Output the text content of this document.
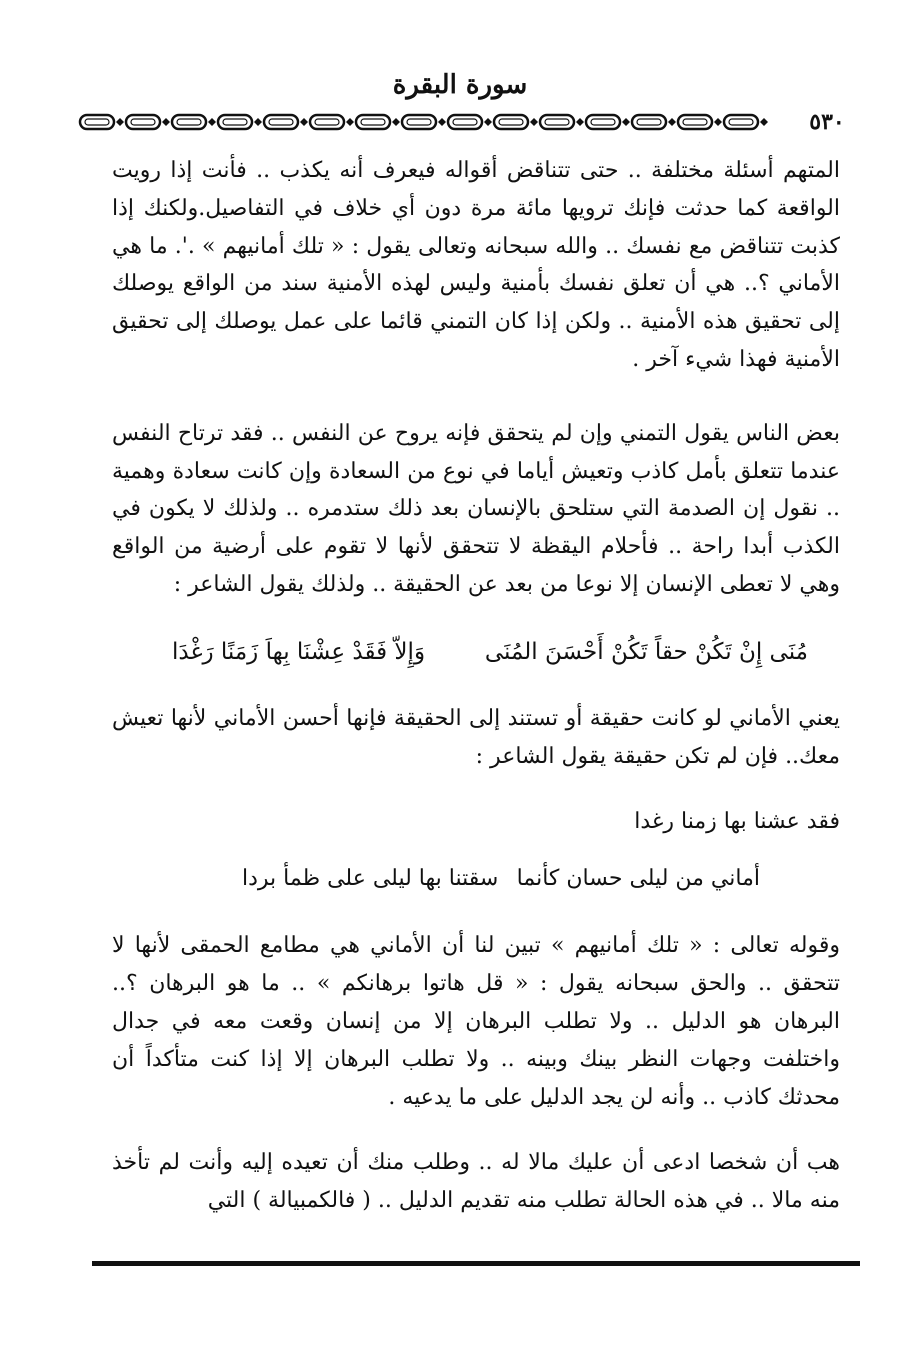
سورة البقرة
٥٣٠

المتهم أسئلة مختلفة .. حتى تتناقض أقواله فيعرف أنه يكذب .. فأنت إذا رويت الواقعة كما حدثت فإنك ترويها مائة مرة دون أي خلاف في التفاصيل.ولكنك إذا كذبت تتناقض مع نفسك .. والله سبحانه وتعالى يقول : « تلك أمانيهم » .'. ما هي الأماني ؟.. هي أن تعلق نفسك بأمنية وليس لهذه الأمنية سند من الواقع يوصلك إلى تحقيق هذه الأمنية .. ولكن إذا كان التمني قائما على عمل يوصلك إلى تحقيق الأمنية فهذا شيء آخر .

بعض الناس يقول التمني وإن لم يتحقق فإنه يروح عن النفس .. فقد ترتاح النفس عندما تتعلق بأمل كاذب وتعيش أياما في نوع من السعادة وإن كانت سعادة وهمية .. نقول إن الصدمة التي ستلحق بالإنسان بعد ذلك ستدمره .. ولذلك لا يكون في الكذب أبدا راحة .. فأحلام اليقظة لا تتحقق لأنها لا تقوم على أرضية من الواقع وهي لا تعطى الإنسان إلا نوعا من بعد عن الحقيقة .. ولذلك يقول الشاعر :

مُنَى إِنْ تَكُنْ حقاً تَكُنْ أَحْسَنَ المُنَى
وَإِلاّ فَقَدْ عِشْنَا بِهاَ زَمَنًا رَغْدَا

يعني الأماني لو كانت حقيقة أو تستند إلى الحقيقة فإنها أحسن الأماني لأنها تعيش معك.. فإن لم تكن حقيقة يقول الشاعر :

فقد عشنا بها زمنا رغدا
أماني من ليلى حسان كأنما
سقتنا بها ليلى على ظمأ بردا

وقوله تعالى : « تلك أمانيهم » تبين لنا أن الأماني هي مطامع الحمقى لأنها لا تتحقق .. والحق سبحانه يقول : « قل هاتوا برهانكم » .. ما هو البرهان ؟.. البرهان هو الدليل .. ولا تطلب البرهان إلا من إنسان وقعت معه في جدال واختلفت وجهات النظر بينك وبينه .. ولا تطلب البرهان إلا إذا كنت متأكداً أن محدثك كاذب .. وأنه لن يجد الدليل على ما يدعيه .

هب أن شخصا ادعى أن عليك مالا له .. وطلب منك أن تعيده إليه وأنت لم تأخذ منه مالا .. في هذه الحالة تطلب منه تقديم الدليل .. ( فالكمبيالة ) التي
